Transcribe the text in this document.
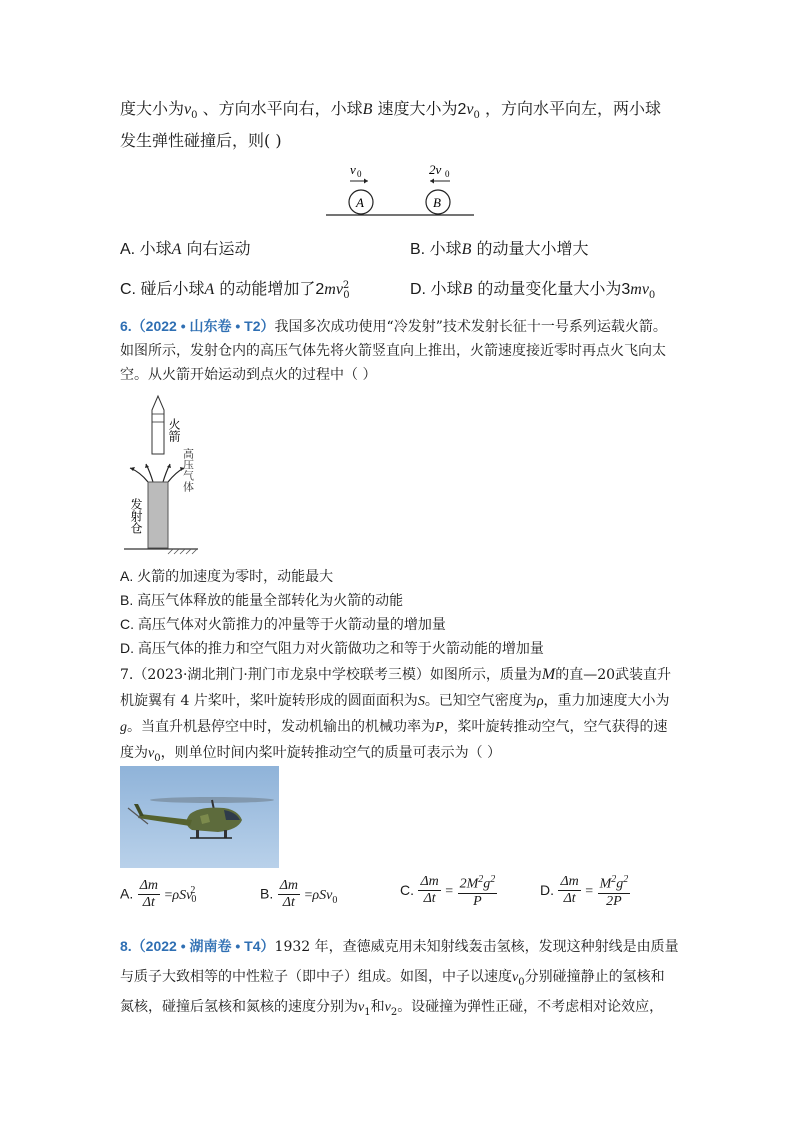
度大小为$v_0$ 、方向水平向右，小球B 速度大小为$2v_0$ ，方向水平向左，两小球
发生弹性碰撞后，则( )
A	B
v 0	2v 0
A. 小球A 向右运动	B. 小球B 的动量大小增大
C. 碰后小球A 的动能增加了$2mv^2_0$	D. 小球B 的动量变化量大小为$3mv_0$
6.（2022 • 山东卷 • T2）我国多次成功使用“冷发射”技术发射长征十一号系列运载火箭。
如图所示，发射仓内的高压气体先将火箭竖直向上推出，火箭速度接近零时再点火飞向太
空。从火箭开始运动到点火的过程中（ ）
火箭
高压气体
发射仓
A. 火箭的加速度为零时，动能最大
B. 高压气体释放的能量全部转化为火箭的动能
C. 高压气体对火箭推力的冲量等于火箭动量的增加量
D. 高压气体的推力和空气阻力对火箭做功之和等于火箭动能的增加量
7.（2023·湖北荆门·荆门市龙泉中学校联考三模）如图所示，质量为M的直—20武装直升
机旋翼有 4 片桨叶，桨叶旋转形成的圆面面积为S。已知空气密度为ρ，重力加速度大小为
g。当直升机悬停空中时，发动机输出的机械功率为P，桨叶旋转推动空气，空气获得的速
度为$v_0$，则单位时间内桨叶旋转推动空气的质量可表示为（ ）
A. $\frac{\Delta m}{\Delta t} =\rho Sv_0^2$	B. $\frac{\Delta m}{\Delta t} =\rho Sv_0$
C. $\frac{\Delta m}{\Delta t} = \frac{2M^2g^2}{P}$	D. $\frac{\Delta m}{\Delta t} = \frac{M^2g^2}{2P}$
8.（2022 • 湖南卷 • T4）1932 年，查德威克用未知射线轰击氢核，发现这种射线是由质量
与质子大致相等的中性粒子（即中子）组成。如图，中子以速度$v_0$分别碰撞静止的氢核和
氮核，碰撞后氢核和氮核的速度分别为$v_1$和$v_2$。设碰撞为弹性正碰，不考虑相对论效应，
